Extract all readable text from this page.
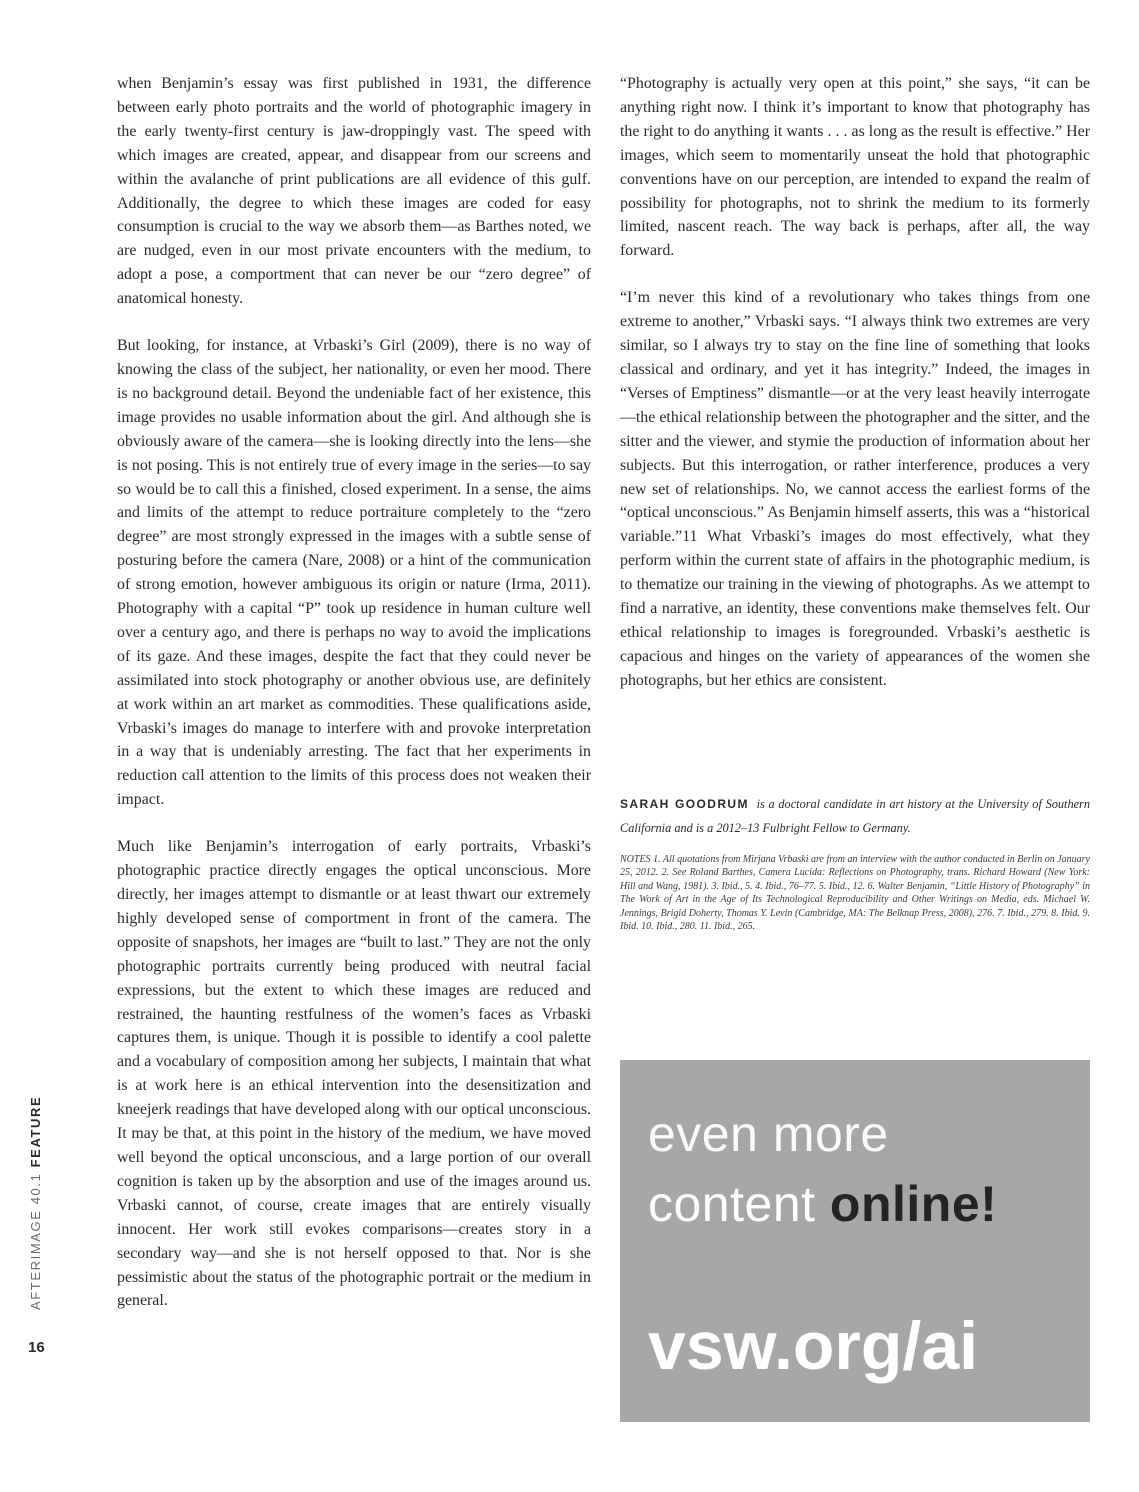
AFTERIMAGE 40.1 FEATURE
16

when Benjamin’s essay was first published in 1931, the difference between early photo portraits and the world of photographic imagery in the early twenty-first century is jaw-droppingly vast. The speed with which images are created, appear, and disappear from our screens and within the avalanche of print publications are all evidence of this gulf. Additionally, the degree to which these images are coded for easy consumption is crucial to the way we absorb them—as Barthes noted, we are nudged, even in our most private encounters with the medium, to adopt a pose, a comportment that can never be our “zero degree” of anatomical honesty.

But looking, for instance, at Vrbaski’s Girl (2009), there is no way of knowing the class of the subject, her nationality, or even her mood. There is no background detail. Beyond the undeniable fact of her existence, this image provides no usable information about the girl. And although she is obviously aware of the camera—she is looking directly into the lens—she is not posing. This is not entirely true of every image in the series—to say so would be to call this a finished, closed experiment. In a sense, the aims and limits of the attempt to reduce portraiture completely to the “zero degree” are most strongly expressed in the images with a subtle sense of posturing before the camera (Nare, 2008) or a hint of the communication of strong emotion, however ambiguous its origin or nature (Irma, 2011). Photography with a capital “P” took up residence in human culture well over a century ago, and there is perhaps no way to avoid the implications of its gaze. And these images, despite the fact that they could never be assimilated into stock photography or another obvious use, are definitely at work within an art market as commodities. These qualifications aside, Vrbaski’s images do manage to interfere with and provoke interpretation in a way that is undeniably arresting. The fact that her experiments in reduction call attention to the limits of this process does not weaken their impact.

Much like Benjamin’s interrogation of early portraits, Vrbaski’s photographic practice directly engages the optical unconscious. More directly, her images attempt to dismantle or at least thwart our extremely highly developed sense of comportment in front of the camera. The opposite of snapshots, her images are “built to last.” They are not the only photographic portraits currently being produced with neutral facial expressions, but the extent to which these images are reduced and restrained, the haunting restfulness of the women’s faces as Vrbaski captures them, is unique. Though it is possible to identify a cool palette and a vocabulary of composition among her subjects, I maintain that what is at work here is an ethical intervention into the desensitization and kneejerk readings that have developed along with our optical unconscious. It may be that, at this point in the history of the medium, we have moved well beyond the optical unconscious, and a large portion of our overall cognition is taken up by the absorption and use of the images around us. Vrbaski cannot, of course, create images that are entirely visually innocent. Her work still evokes comparisons—creates story in a secondary way—and she is not herself opposed to that. Nor is she pessimistic about the status of the photographic portrait or the medium in general.

“Photography is actually very open at this point,” she says, “it can be anything right now. I think it’s important to know that photography has the right to do anything it wants . . . as long as the result is effective.” Her images, which seem to momentarily unseat the hold that photographic conventions have on our perception, are intended to expand the realm of possibility for photographs, not to shrink the medium to its formerly limited, nascent reach. The way back is perhaps, after all, the way forward.

“I’m never this kind of a revolutionary who takes things from one extreme to another,” Vrbaski says. “I always think two extremes are very similar, so I always try to stay on the fine line of something that looks classical and ordinary, and yet it has integrity.” Indeed, the images in “Verses of Emptiness” dismantle—or at the very least heavily interrogate—the ethical relationship between the photographer and the sitter, and the sitter and the viewer, and stymie the production of information about her subjects. But this interrogation, or rather interference, produces a very new set of relationships. No, we cannot access the earliest forms of the “optical unconscious.” As Benjamin himself asserts, this was a “historical variable.”11 What Vrbaski’s images do most effectively, what they perform within the current state of affairs in the photographic medium, is to thematize our training in the viewing of photographs. As we attempt to find a narrative, an identity, these conventions make themselves felt. Our ethical relationship to images is foregrounded. Vrbaski’s aesthetic is capacious and hinges on the variety of appearances of the women she photographs, but her ethics are consistent.

SARAH GOODRUM is a doctoral candidate in art history at the University of Southern California and is a 2012–13 Fulbright Fellow to Germany.

NOTES 1. All quotations from Mirjana Vrbaski are from an interview with the author conducted in Berlin on January 25, 2012. 2. See Roland Barthes, Camera Lucida: Reflections on Photography, trans. Richard Howard (New York: Hill and Wang, 1981). 3. Ibid., 5. 4. Ibid., 76–77. 5. Ibid., 12. 6. Walter Benjamin, “Little History of Photography” in The Work of Art in the Age of Its Technological Reproducibility and Other Writings on Media, eds. Michael W. Jennings, Brigid Doherty, Thomas Y. Levin (Cambridge, MA: The Belknap Press, 2008), 276. 7. Ibid., 279. 8. Ibid. 9. Ibid. 10. Ibid., 280. 11. Ibid., 265.

even more
content online!
vsw.org/ai
